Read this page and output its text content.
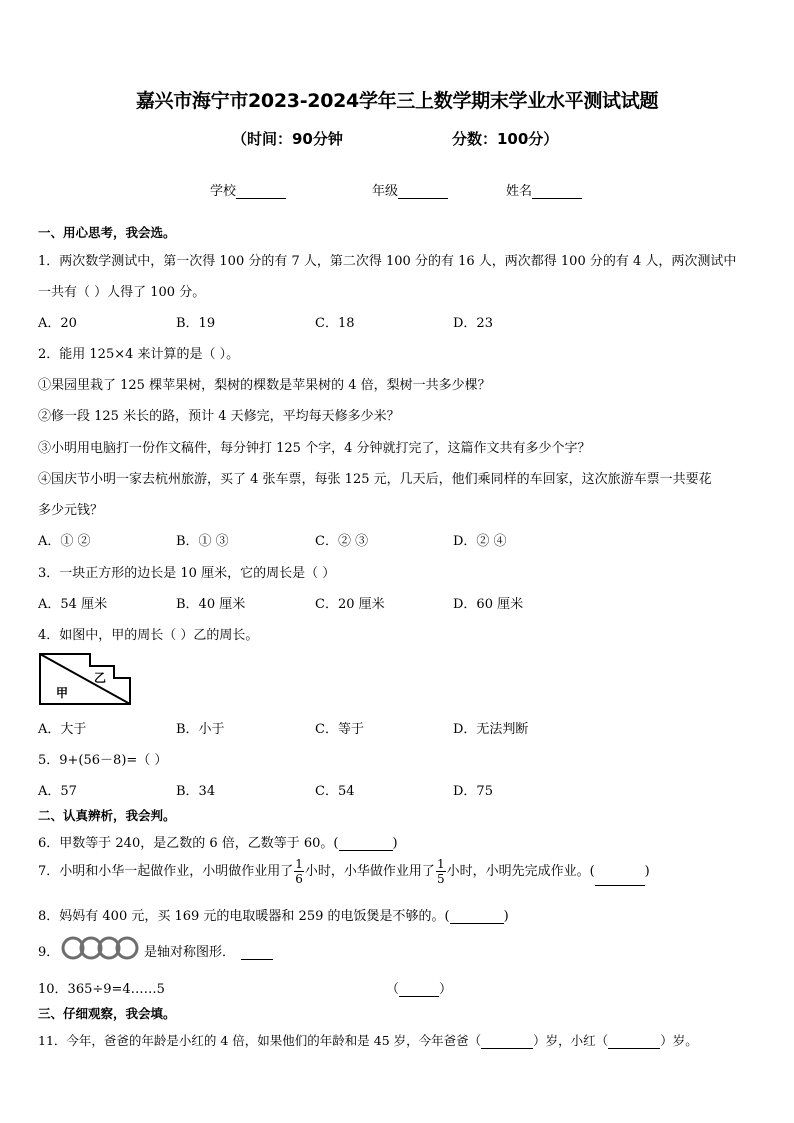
嘉兴市海宁市2023-2024学年三上数学期末学业水平测试试题
（时间：90分钟	分数：100分）
学校	年级	姓名
一、用心思考，我会选。
1．两次数学测试中，第一次得 100 分的有 7 人，第二次得 100 分的有 16 人，两次都得 100 分的有 4 人，两次测试中
一共有（ ）人得了 100 分。
A．20	B．19	C．18	D．23
2．能用 125×4 来计算的是（ ）。
①果园里栽了 125 棵苹果树，梨树的棵数是苹果树的 4 倍，梨树一共多少棵？
②修一段 125 米长的路，预计 4 天修完，平均每天修多少米？
③小明用电脑打一份作文稿件，每分钟打 125 个字，4 分钟就打完了，这篇作文共有多少个字？
④国庆节小明一家去杭州旅游，买了 4 张车票，每张 125 元，几天后，他们乘同样的车回家，这次旅游车票一共要花
多少元钱？
A．① ②	B．① ③	C．② ③	D．② ④
3．一块正方形的边长是 10 厘米，它的周长是（ ）
A．54 厘米	B．40 厘米	C．20 厘米	D．60 厘米
4．如图中，甲的周长（ ）乙的周长。
甲
乙
A．大于	B．小于	C．等于	D．无法判断
5．9+(56－8)=（ ）
A．57	B．34	C．54	D．75
二、认真辨析，我会判。
6．甲数等于 240，是乙数的 6 倍，乙数等于 60。(	)
7．小明和小华一起做作业，小明做作业用了 $\frac{1}{6}$ 小时，小华做作业用了 $\frac{1}{5}$ 小时，小明先完成作业。(	)
8．妈妈有 400 元，买 169 元的电取暖器和 259 的电饭煲是不够的。(	)
9．	是轴对称图形．
10．365÷9=4……5	（	）
三、仔细观察，我会填。
11．今年，爸爸的年龄是小红的 4 倍，如果他们的年龄和是 45 岁，今年爸爸（	）岁，小红（	）岁。
